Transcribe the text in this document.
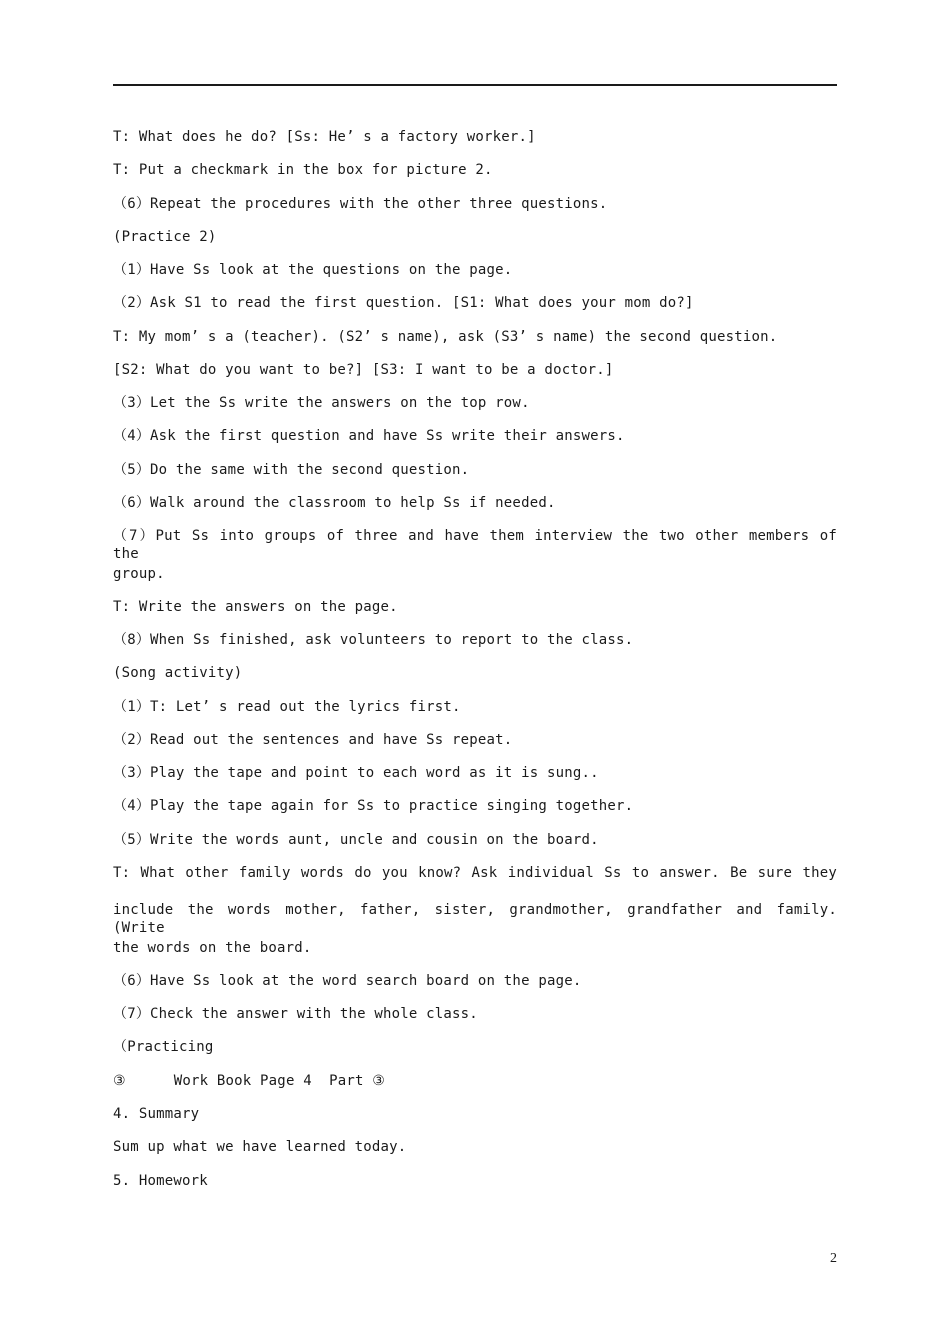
T: What does he do? [Ss: He’ s a factory worker.]
T: Put a checkmark in the box for picture 2.
（6）Repeat the procedures with the other three questions.
(Practice 2)
（1）Have Ss look at the questions on the page.
（2）Ask S1 to read the first question. [S1: What does your mom do?]
T: My mom’ s a (teacher). (S2’ s name), ask (S3’ s name) the second question.
[S2: What do you want to be?] [S3: I want to be a doctor.]
（3）Let the Ss write the answers on the top row.
（4）Ask the first question and have Ss write their answers.
（5）Do the same with the second question.
（6）Walk around the classroom to help Ss if needed.
（7）Put Ss into groups of three and have them interview the two other members of the
group.
T: Write the answers on the page.
（8）When Ss finished, ask volunteers to report to the class.
(Song activity)
（1）T: Let’ s read out the lyrics first.
（2）Read out the sentences and have Ss repeat.
（3）Play the tape and point to each word as it is sung..
（4）Play the tape again for Ss to practice singing together.
（5）Write the words aunt, uncle and cousin on the board.
T: What other family words do you know? Ask individual Ss to answer. Be sure they
include the words mother, father, sister, grandmother, grandfather and family. (Write
the words on the board.
（6）Have Ss look at the word search board on the page.
（7）Check the answer with the whole class.
（Practicing
③	Work Book Page 4  Part ③
4. Summary
Sum up what we have learned today.
5. Homework
2
